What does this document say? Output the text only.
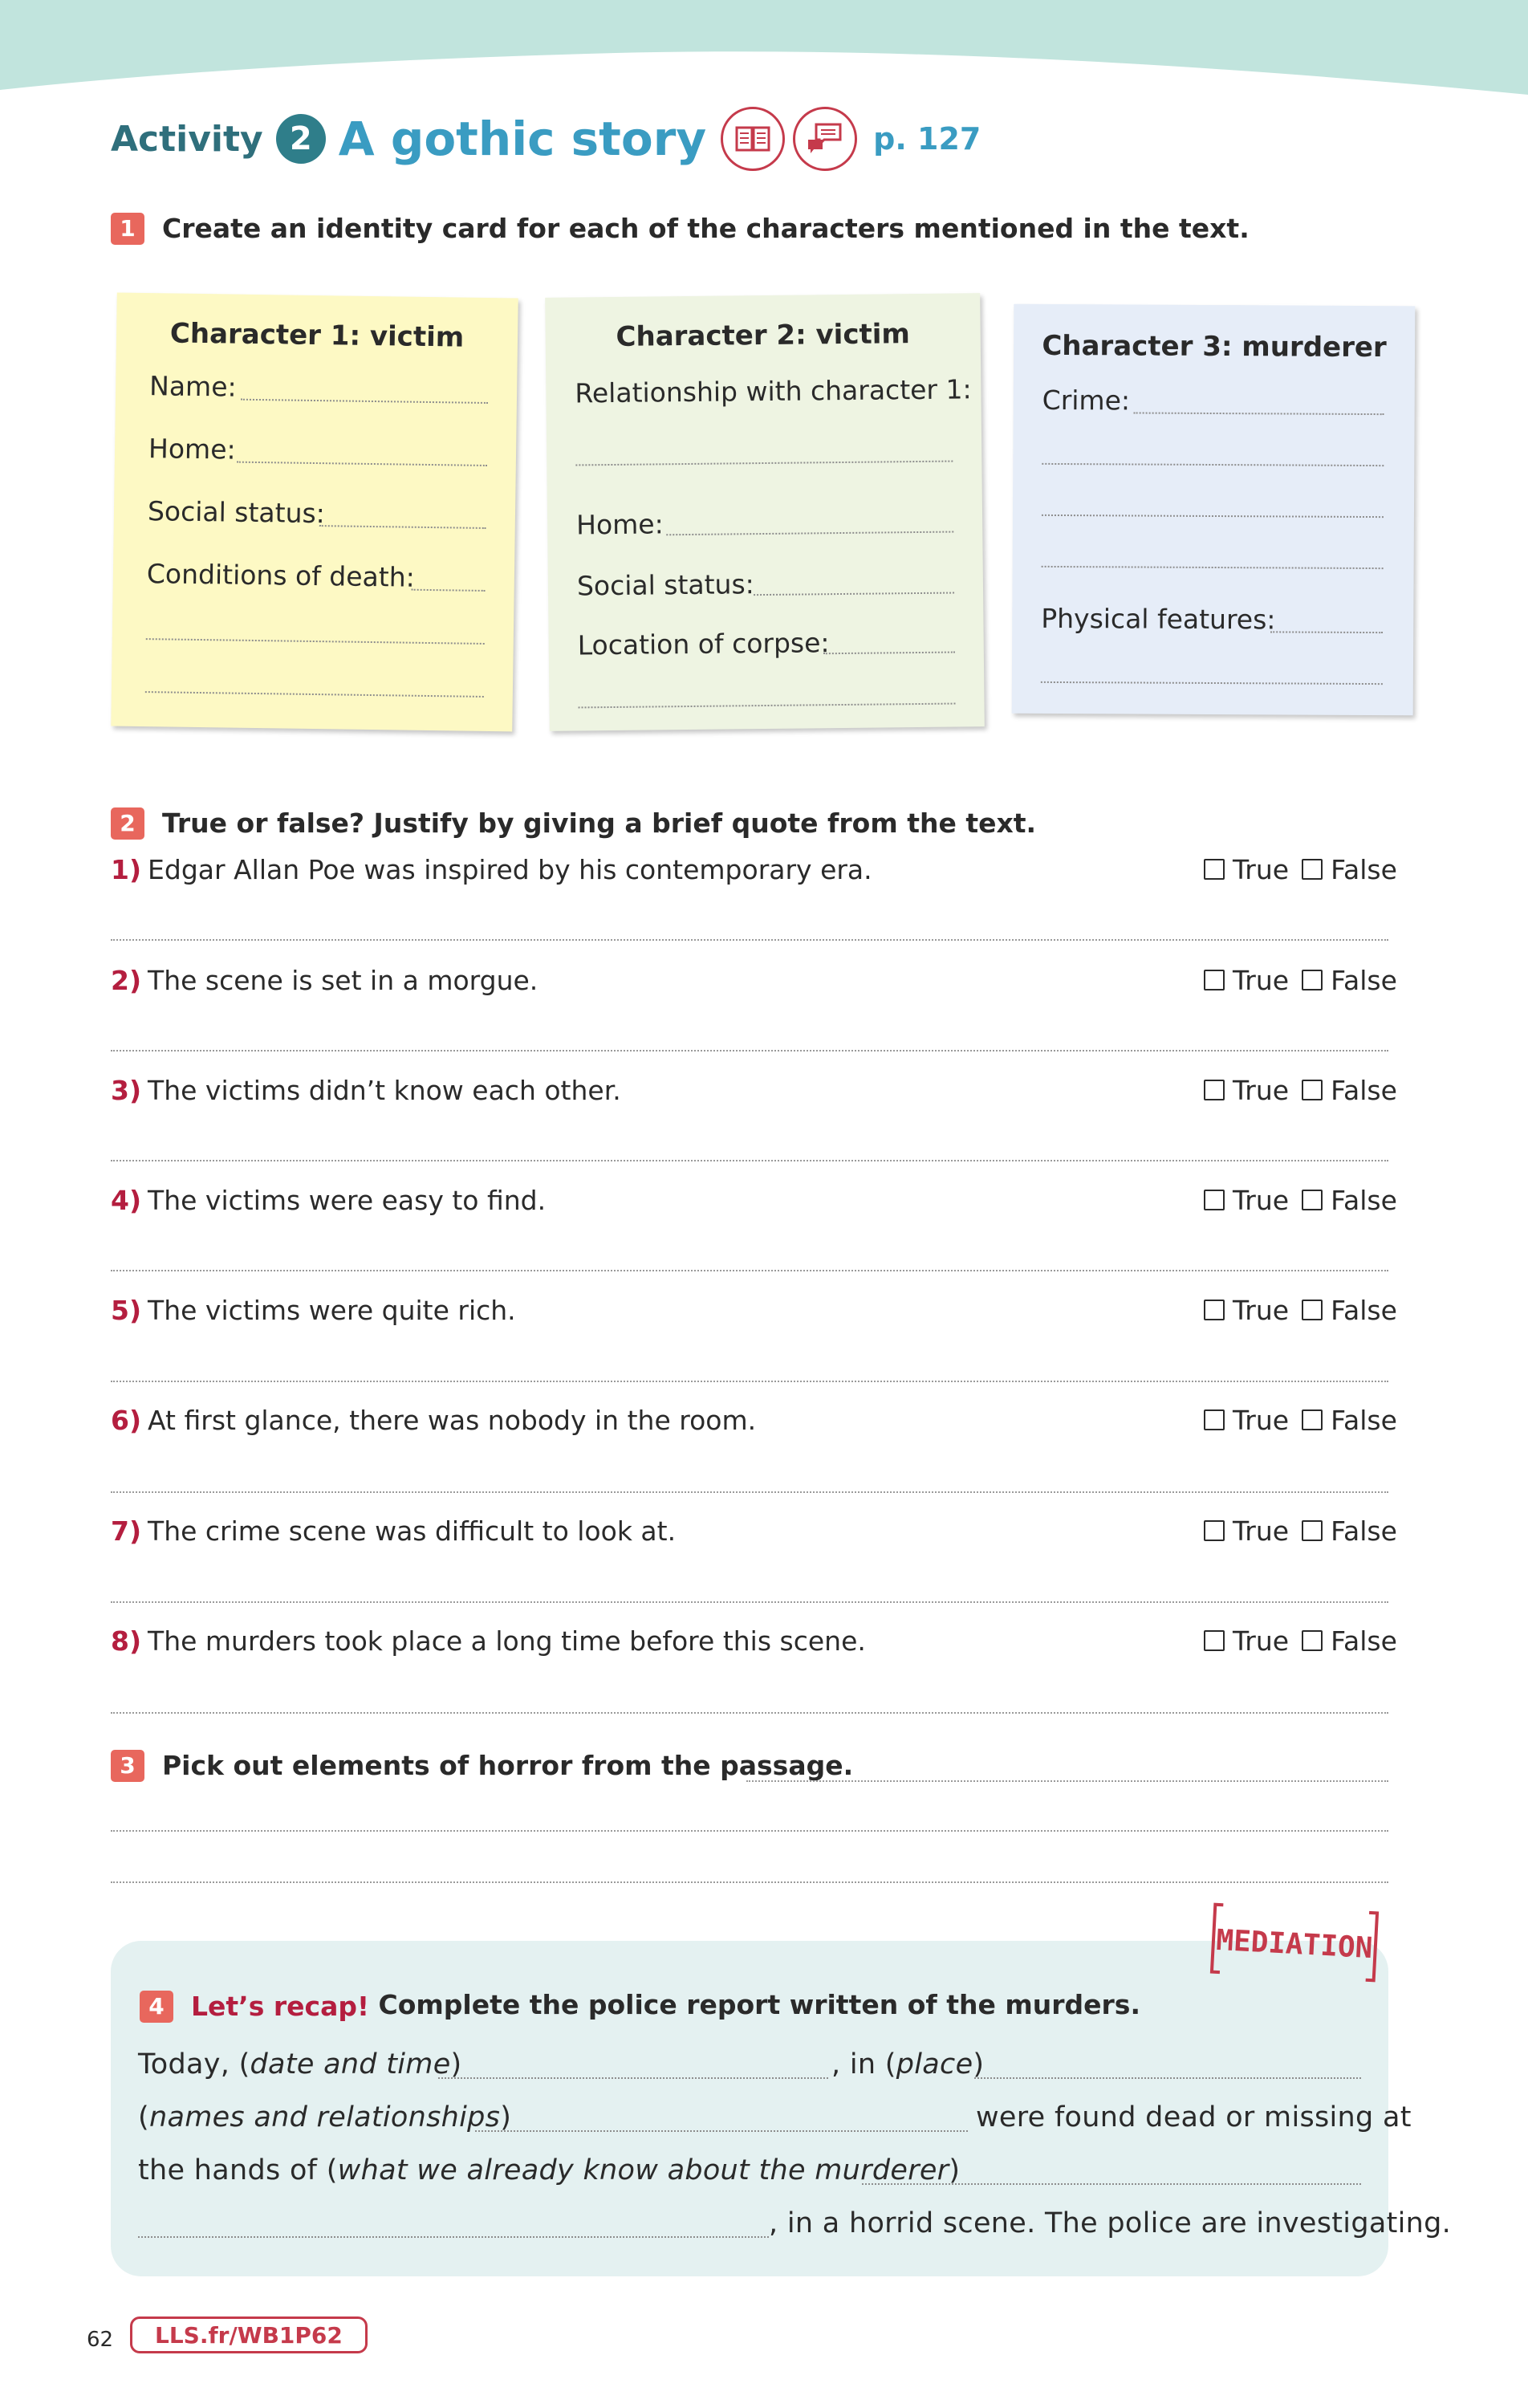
Activity 2 A gothic story	p. 127
1 Create an identity card for each of the characters mentioned in the text.
Character 1: victim
Name:
Home:
Social status:
Conditions of death:
Character 2: victim
Relationship with character 1:
Home:
Social status:
Location of corpse:
Character 3: murderer
Crime:
Physical features:
2 True or false? Justify by giving a brief quote from the text.
1) Edgar Allan Poe was inspired by his contemporary era.	True False
2) The scene is set in a morgue.	True False
3) The victims didn’t know each other.	True False
4) The victims were easy to find.	True False
5) The victims were quite rich.	True False
6) At first glance, there was nobody in the room.	True False
7) The crime scene was difficult to look at.	True False
8) The murders took place a long time before this scene.	True False
3 Pick out elements of horror from the passage.
MEDIATION
4 Let’s recap! Complete the police report written of the murders.
Today, (date and time)	, in (place)
(names and relationships)	were found dead or missing at
the hands of (what we already know about the murderer)
, in a horrid scene. The police are investigating.
62	LLS.fr/WB1P62
